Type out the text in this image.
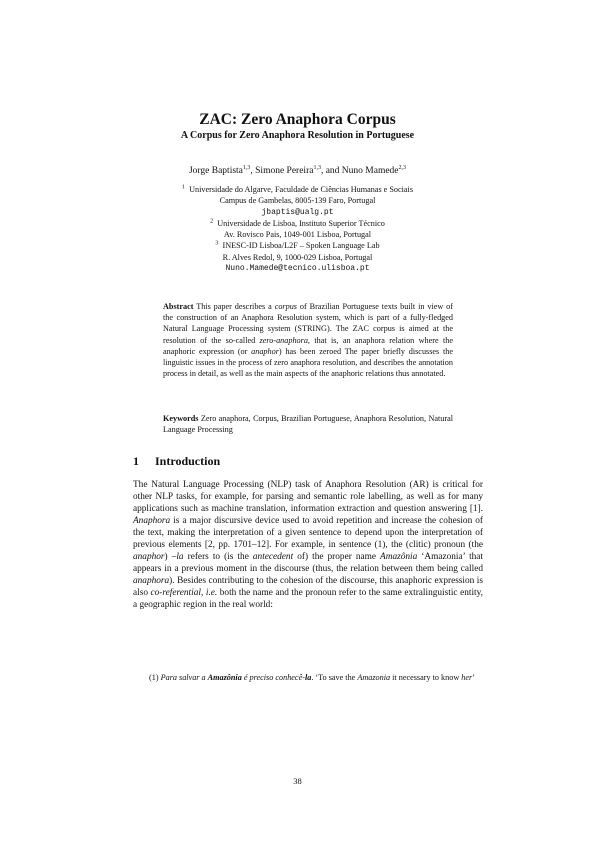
ZAC: Zero Anaphora Corpus
A Corpus for Zero Anaphora Resolution in Portuguese
Jorge Baptista$^{1,3}$, Simone Pereira$^{1,3}$, and Nuno Mamede$^{2,3}$
$^1$ Universidade do Algarve, Faculdade de Ciências Humanas e Sociais
Campus de Gambelas, 8005-139 Faro, Portugal
jbaptis@ualg.pt
$^2$ Universidade de Lisboa, Instituto Superior Técnico
Av. Rovisco Pais, 1049-001 Lisboa, Portugal
$^3$ INESC-ID Lisboa/L2F – Spoken Language Lab
R. Alves Redol, 9, 1000-029 Lisboa, Portugal
Nuno.Mamede@tecnico.ulisboa.pt
Abstract This paper describes a corpus of Brazilian Portuguese texts built in view of the construction of an Anaphora Resolution system, which is part of a fully-fledged Natural Language Processing system (STRING). The ZAC corpus is aimed at the resolution of the so-called zero-anaphora, that is, an anaphora relation where the anaphoric expression (or anaphor) has been zeroed The paper briefly discusses the linguistic issues in the process of zero anaphora resolution, and describes the annotation process in detail, as well as the main aspects of the anaphoric relations thus annotated.
Keywords Zero anaphora, Corpus, Brazilian Portuguese, Anaphora Resolution, Natural Language Processing
1 Introduction
The Natural Language Processing (NLP) task of Anaphora Resolution (AR) is critical for other NLP tasks, for example, for parsing and semantic role labelling, as well as for many applications such as machine translation, information extraction and question answering [1]. Anaphora is a major discursive device used to avoid repetition and increase the cohesion of the text, making the interpretation of a given sentence to depend upon the interpretation of previous elements [2, pp. 1701–12]. For example, in sentence (1), the (clitic) pronoun (the anaphor) –la refers to (is the antecedent of) the proper name Amazônia ‘Amazonia’ that appears in a previous moment in the discourse (thus, the relation between them being called anaphora). Besides contributing to the cohesion of the discourse, this anaphoric expression is also co-referential, i.e. both the name and the pronoun refer to the same extralinguistic entity, a geographic region in the real world:
(1) Para salvar a Amazônia é preciso conhecê-la. ‘To save the Amazonia it necessary to know her’
38
